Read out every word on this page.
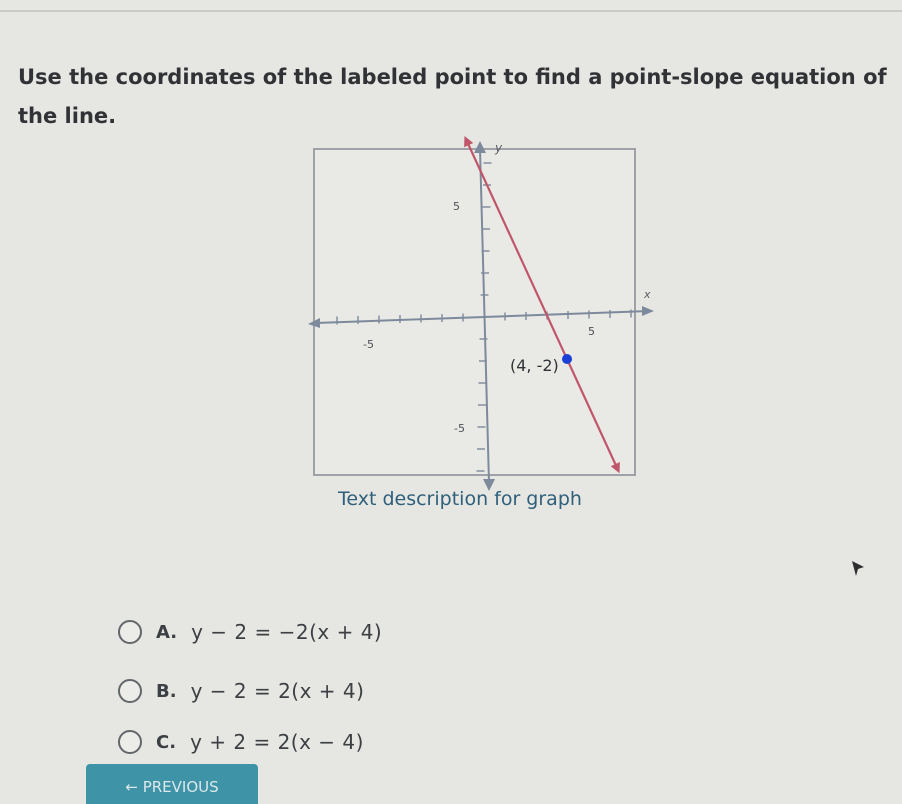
Use the coordinates of the labeled point to find a point-slope equation of the line.
y
x
5
-5
-5
5
(4, -2)
Text description for graph
A. y − 2 = −2(x + 4)
B. y − 2 = 2(x + 4)
C. y + 2 = 2(x − 4)
← PREVIOUS
